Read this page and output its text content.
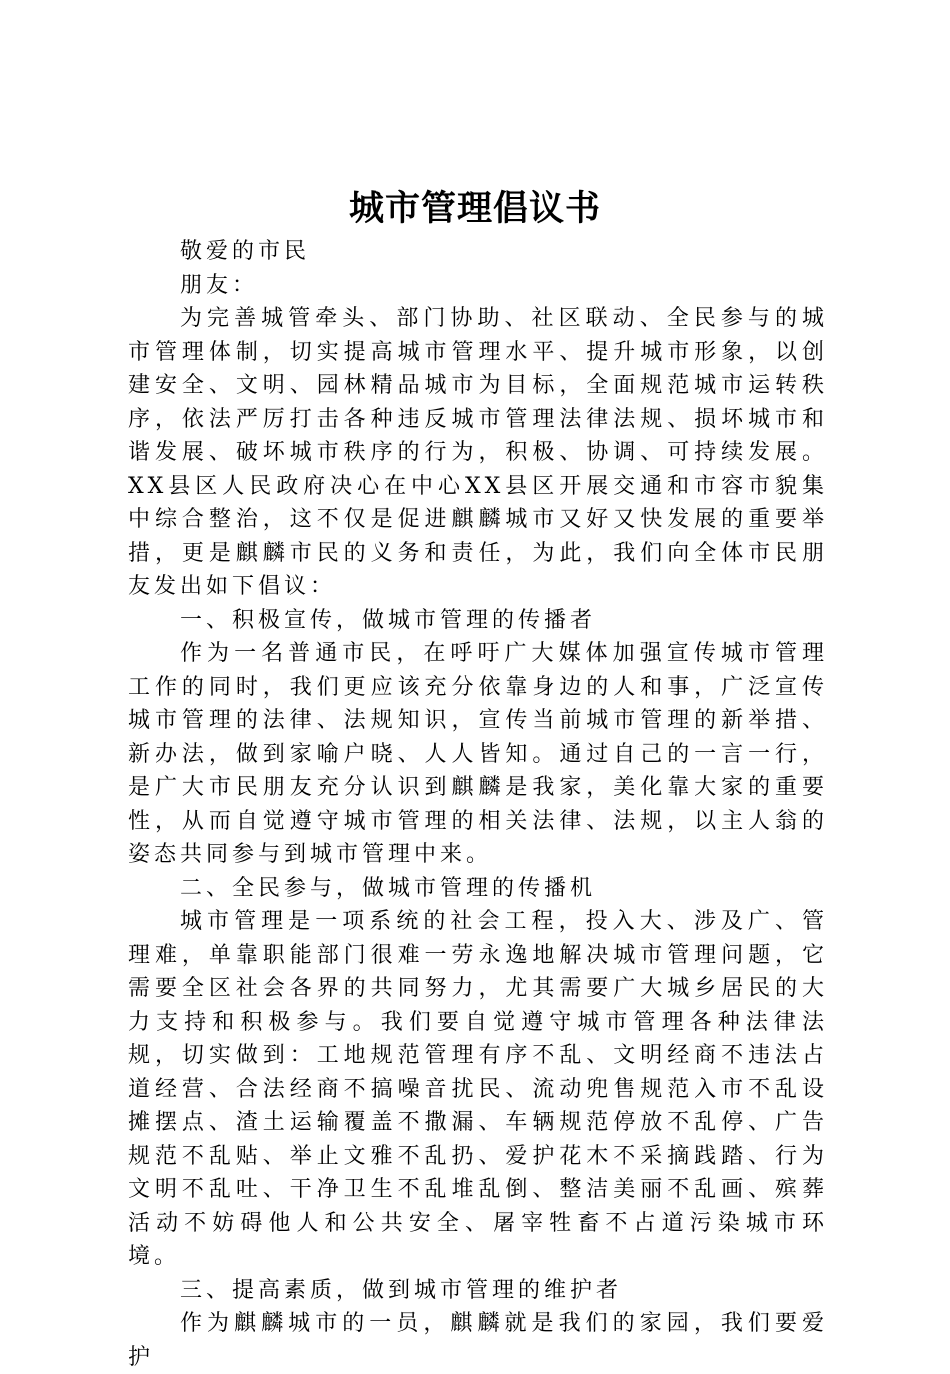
城市管理倡议书

敬爱的市民

朋友：

为完善城管牵头、部门协助、社区联动、全民参与的城市管理体制，切实提高城市管理水平、提升城市形象，以创建安全、文明、园林精品城市为目标，全面规范城市运转秩序，依法严厉打击各种违反城市管理法律法规、损坏城市和谐发展、破坏城市秩序的行为，积极、协调、可持续发展。XX县区人民政府决心在中心XX县区开展交通和市容市貌集中综合整治，这不仅是促进麒麟城市又好又快发展的重要举措，更是麒麟市民的义务和责任，为此，我们向全体市民朋友发出如下倡议：

一、积极宣传，做城市管理的传播者

作为一名普通市民，在呼吁广大媒体加强宣传城市管理工作的同时，我们更应该充分依靠身边的人和事，广泛宣传城市管理的法律、法规知识，宣传当前城市管理的新举措、新办法，做到家喻户晓、人人皆知。通过自己的一言一行，是广大市民朋友充分认识到麒麟是我家，美化靠大家的重要性，从而自觉遵守城市管理的相关法律、法规，以主人翁的姿态共同参与到城市管理中来。

二、全民参与，做城市管理的传播机

城市管理是一项系统的社会工程，投入大、涉及广、管理难，单靠职能部门很难一劳永逸地解决城市管理问题，它需要全区社会各界的共同努力，尤其需要广大城乡居民的大力支持和积极参与。我们要自觉遵守城市管理各种法律法规，切实做到：工地规范管理有序不乱、文明经商不违法占道经营、合法经商不搞噪音扰民、流动兜售规范入市不乱设摊摆点、渣土运输覆盖不撒漏、车辆规范停放不乱停、广告规范不乱贴、举止文雅不乱扔、爱护花木不采摘践踏、行为文明不乱吐、干净卫生不乱堆乱倒、整洁美丽不乱画、殡葬活动不妨碍他人和公共安全、屠宰牲畜不占道污染城市环境。

三、提高素质，做到城市管理的维护者

作为麒麟城市的一员，麒麟就是我们的家园，我们要爱护
